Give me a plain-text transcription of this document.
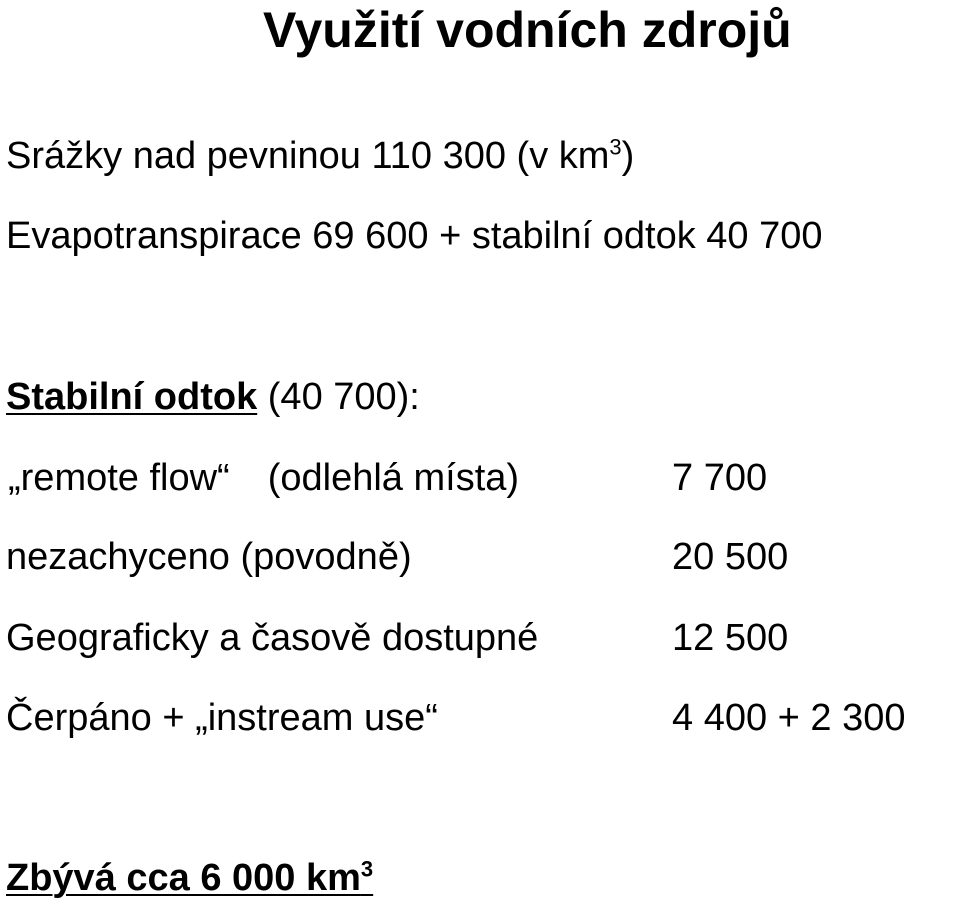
Využití vodních zdrojů
Srážky nad pevninou 110 300 (v $km^3$)
Evapotranspirace 69 600 + stabilní odtok 40 700
Stabilní odtok (40 700):
„remote flow“ (odlehlá místa)	7 700
nezachyceno (povodně)	20 500
Geograficky a časově dostupné	12 500
Čerpáno + „instream use“	4 400 + 2 300
Zbývá cca 6 000 $km^3$
